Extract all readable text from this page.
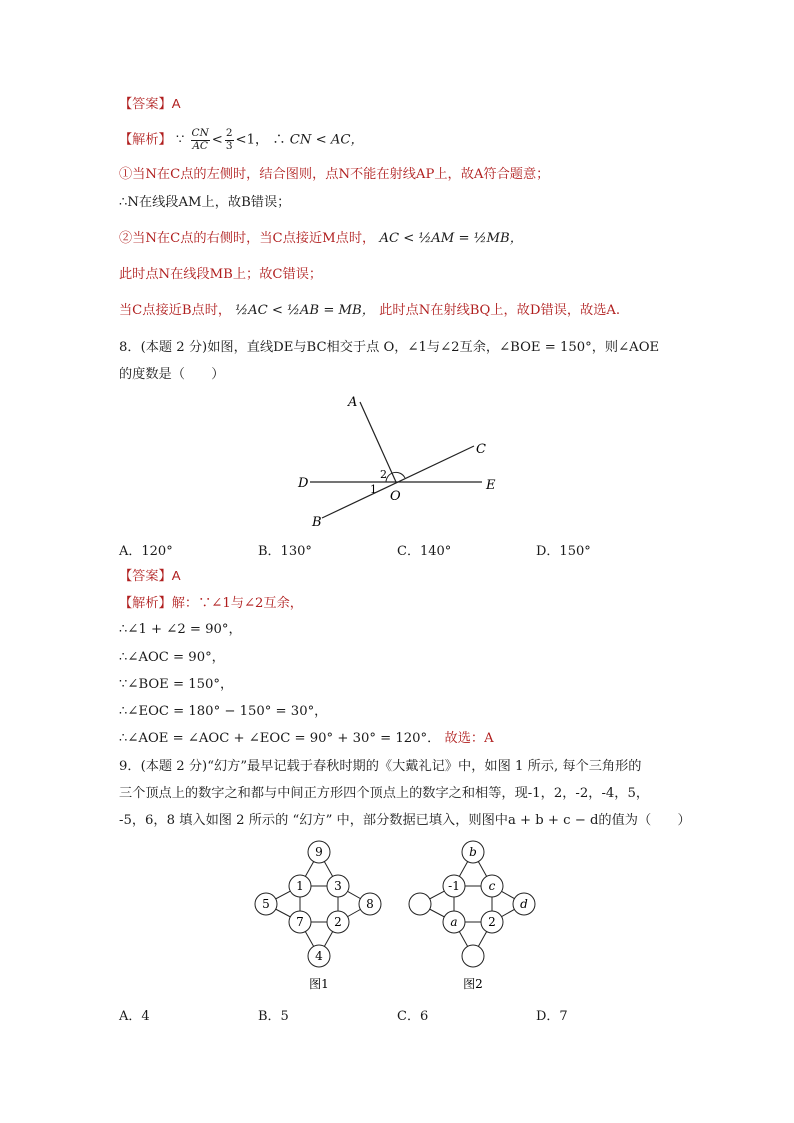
【答案】A
【解析】 ∵ $\frac{CN}{AC} < \frac{2}{3} <1$， ∴ CN < AC，
①当N在C点的左侧时，结合图则，点N不能在射线AP上，故A符合题意；
∴N在线段AM上，故B错误；
②当N在C点的右侧时，当C点接近M点时， AC < ½AM = ½MB，
此时点N在线段MB上；故C错误；
当C点接近B点时， ½AC < ½AB = MB， 此时点N在射线BQ上，故D错误，故选A.
8．(本题 2 分)如图，直线DE与BC相交于点 O，∠1与∠2互余，∠BOE = 150°，则∠AOE
的度数是（　　）
A
C
D	E
B
O
1
2
A．120°	B．130°	C．140°	D．150°
【答案】A
【解析】解：∵∠1与∠2互余，
∴∠1 + ∠2 = 90°，
∴∠AOC = 90°，
∵∠BOE = 150°，
∴∠EOC = 180° − 150° = 30°，
∴∠AOE = ∠AOC + ∠EOC = 90° + 30° = 120°． 故选：A
9．(本题 2 分)“幻方”最早记载于春秋时期的《大戴礼记》中，如图 1 所示, 每个三角形的
三个顶点上的数字之和都与中间正方形四个顶点上的数字之和相等，现-1，2，-2，-4，5，
-5，6，8 填入如图 2 所示的 “幻方” 中，部分数据已填入，则图中a + b + c − d的值为（　　）
9
1	3
5	8
7	2
4
图1
b
-1 c
d
a	2
图2
A．4	B．5	C．6	D．7
